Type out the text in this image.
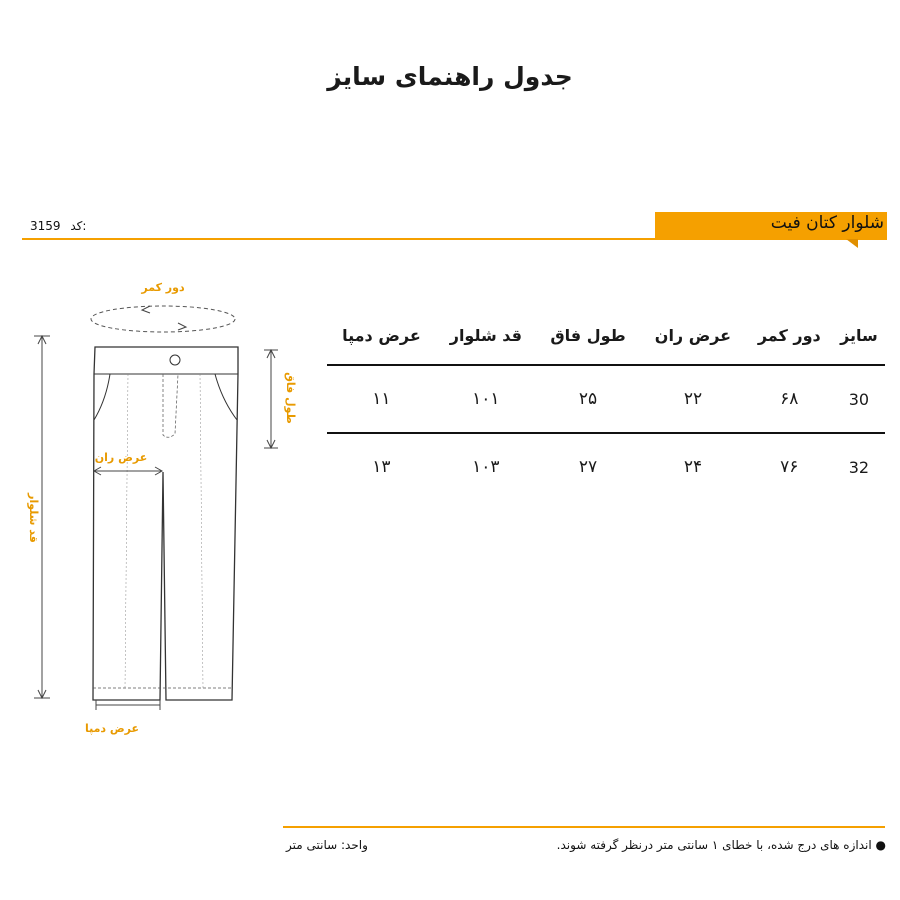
جدول راهنمای سایز
شلوار کتان فیت
3159 کد:
دور کمر
قد شلوار
طول فاق
عرض ران
عرض دمپا
سایز	دور کمر	عرض ران	طول فاق	قد شلوار	عرض دمپا
30	۶۸	۲۲	۲۵	۱۰۱	۱۱
32	۷۶	۲۴	۲۷	۱۰۳	۱۳
● اندازه های درج شده، با خطای ۱ سانتی متر درنظر گرفته شوند.
واحد: سانتی متر
